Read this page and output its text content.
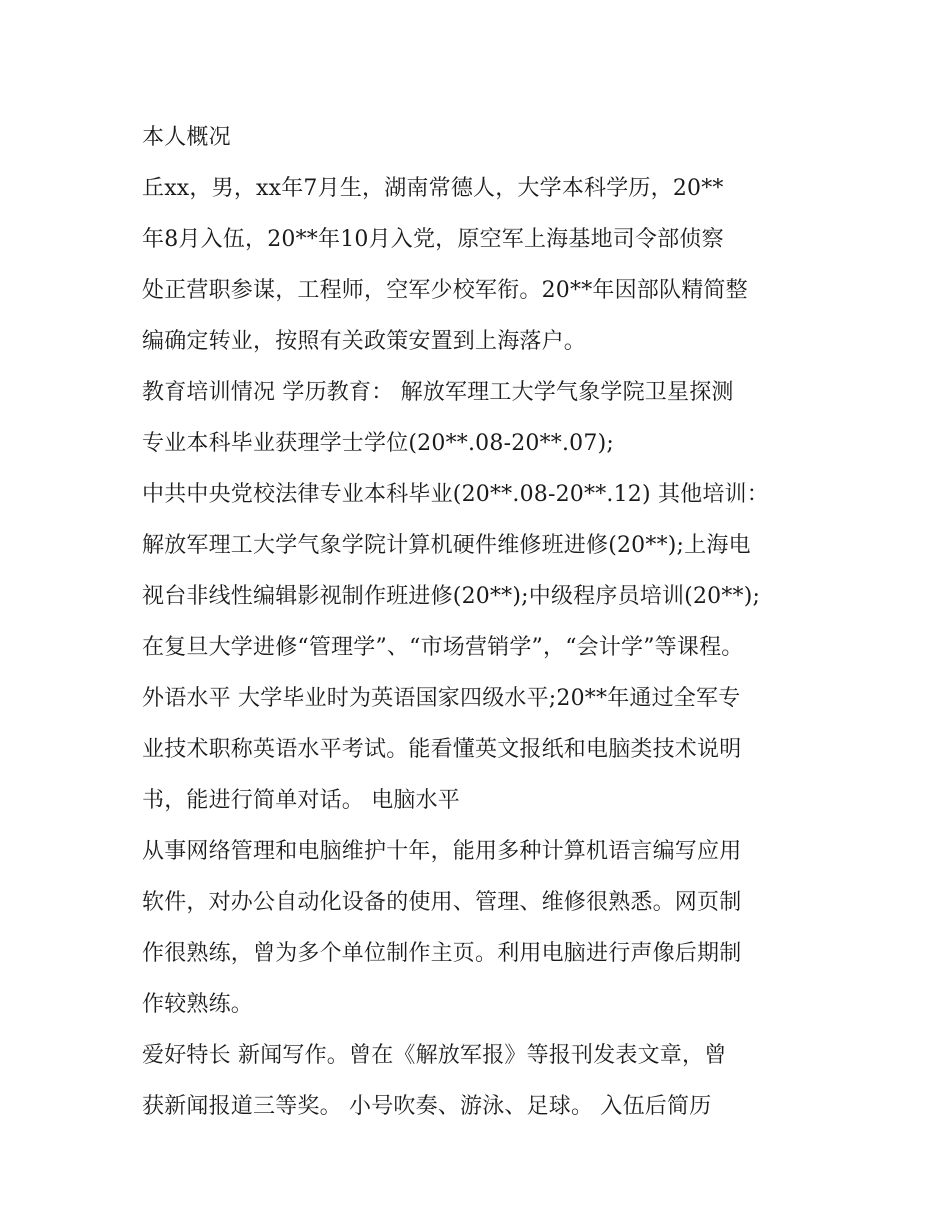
本人概况
丘xx，男，xx年7月生，湖南常德人，大学本科学历，20**
年8月入伍，20**年10月入党，原空军上海基地司令部侦察
处正营职参谋，工程师，空军少校军衔。20**年因部队精简整
编确定转业，按照有关政策安置到上海落户。
教育培训情况 学历教育： 解放军理工大学气象学院卫星探测
专业本科毕业获理学士学位(20**.08-20**.07);
中共中央党校法律专业本科毕业(20**.08-20**.12) 其他培训：
解放军理工大学气象学院计算机硬件维修班进修(20**);上海电
视台非线性编辑影视制作班进修(20**);中级程序员培训(20**);
在复旦大学进修“管理学”、“市场营销学”，“会计学”等课程。
外语水平 大学毕业时为英语国家四级水平;20**年通过全军专
业技术职称英语水平考试。能看懂英文报纸和电脑类技术说明
书，能进行简单对话。 电脑水平
从事网络管理和电脑维护十年，能用多种计算机语言编写应用
软件，对办公自动化设备的使用、管理、维修很熟悉。网页制
作很熟练，曾为多个单位制作主页。利用电脑进行声像后期制
作较熟练。
爱好特长 新闻写作。曾在《解放军报》等报刊发表文章，曾
获新闻报道三等奖。 小号吹奏、游泳、足球。 入伍后简历
